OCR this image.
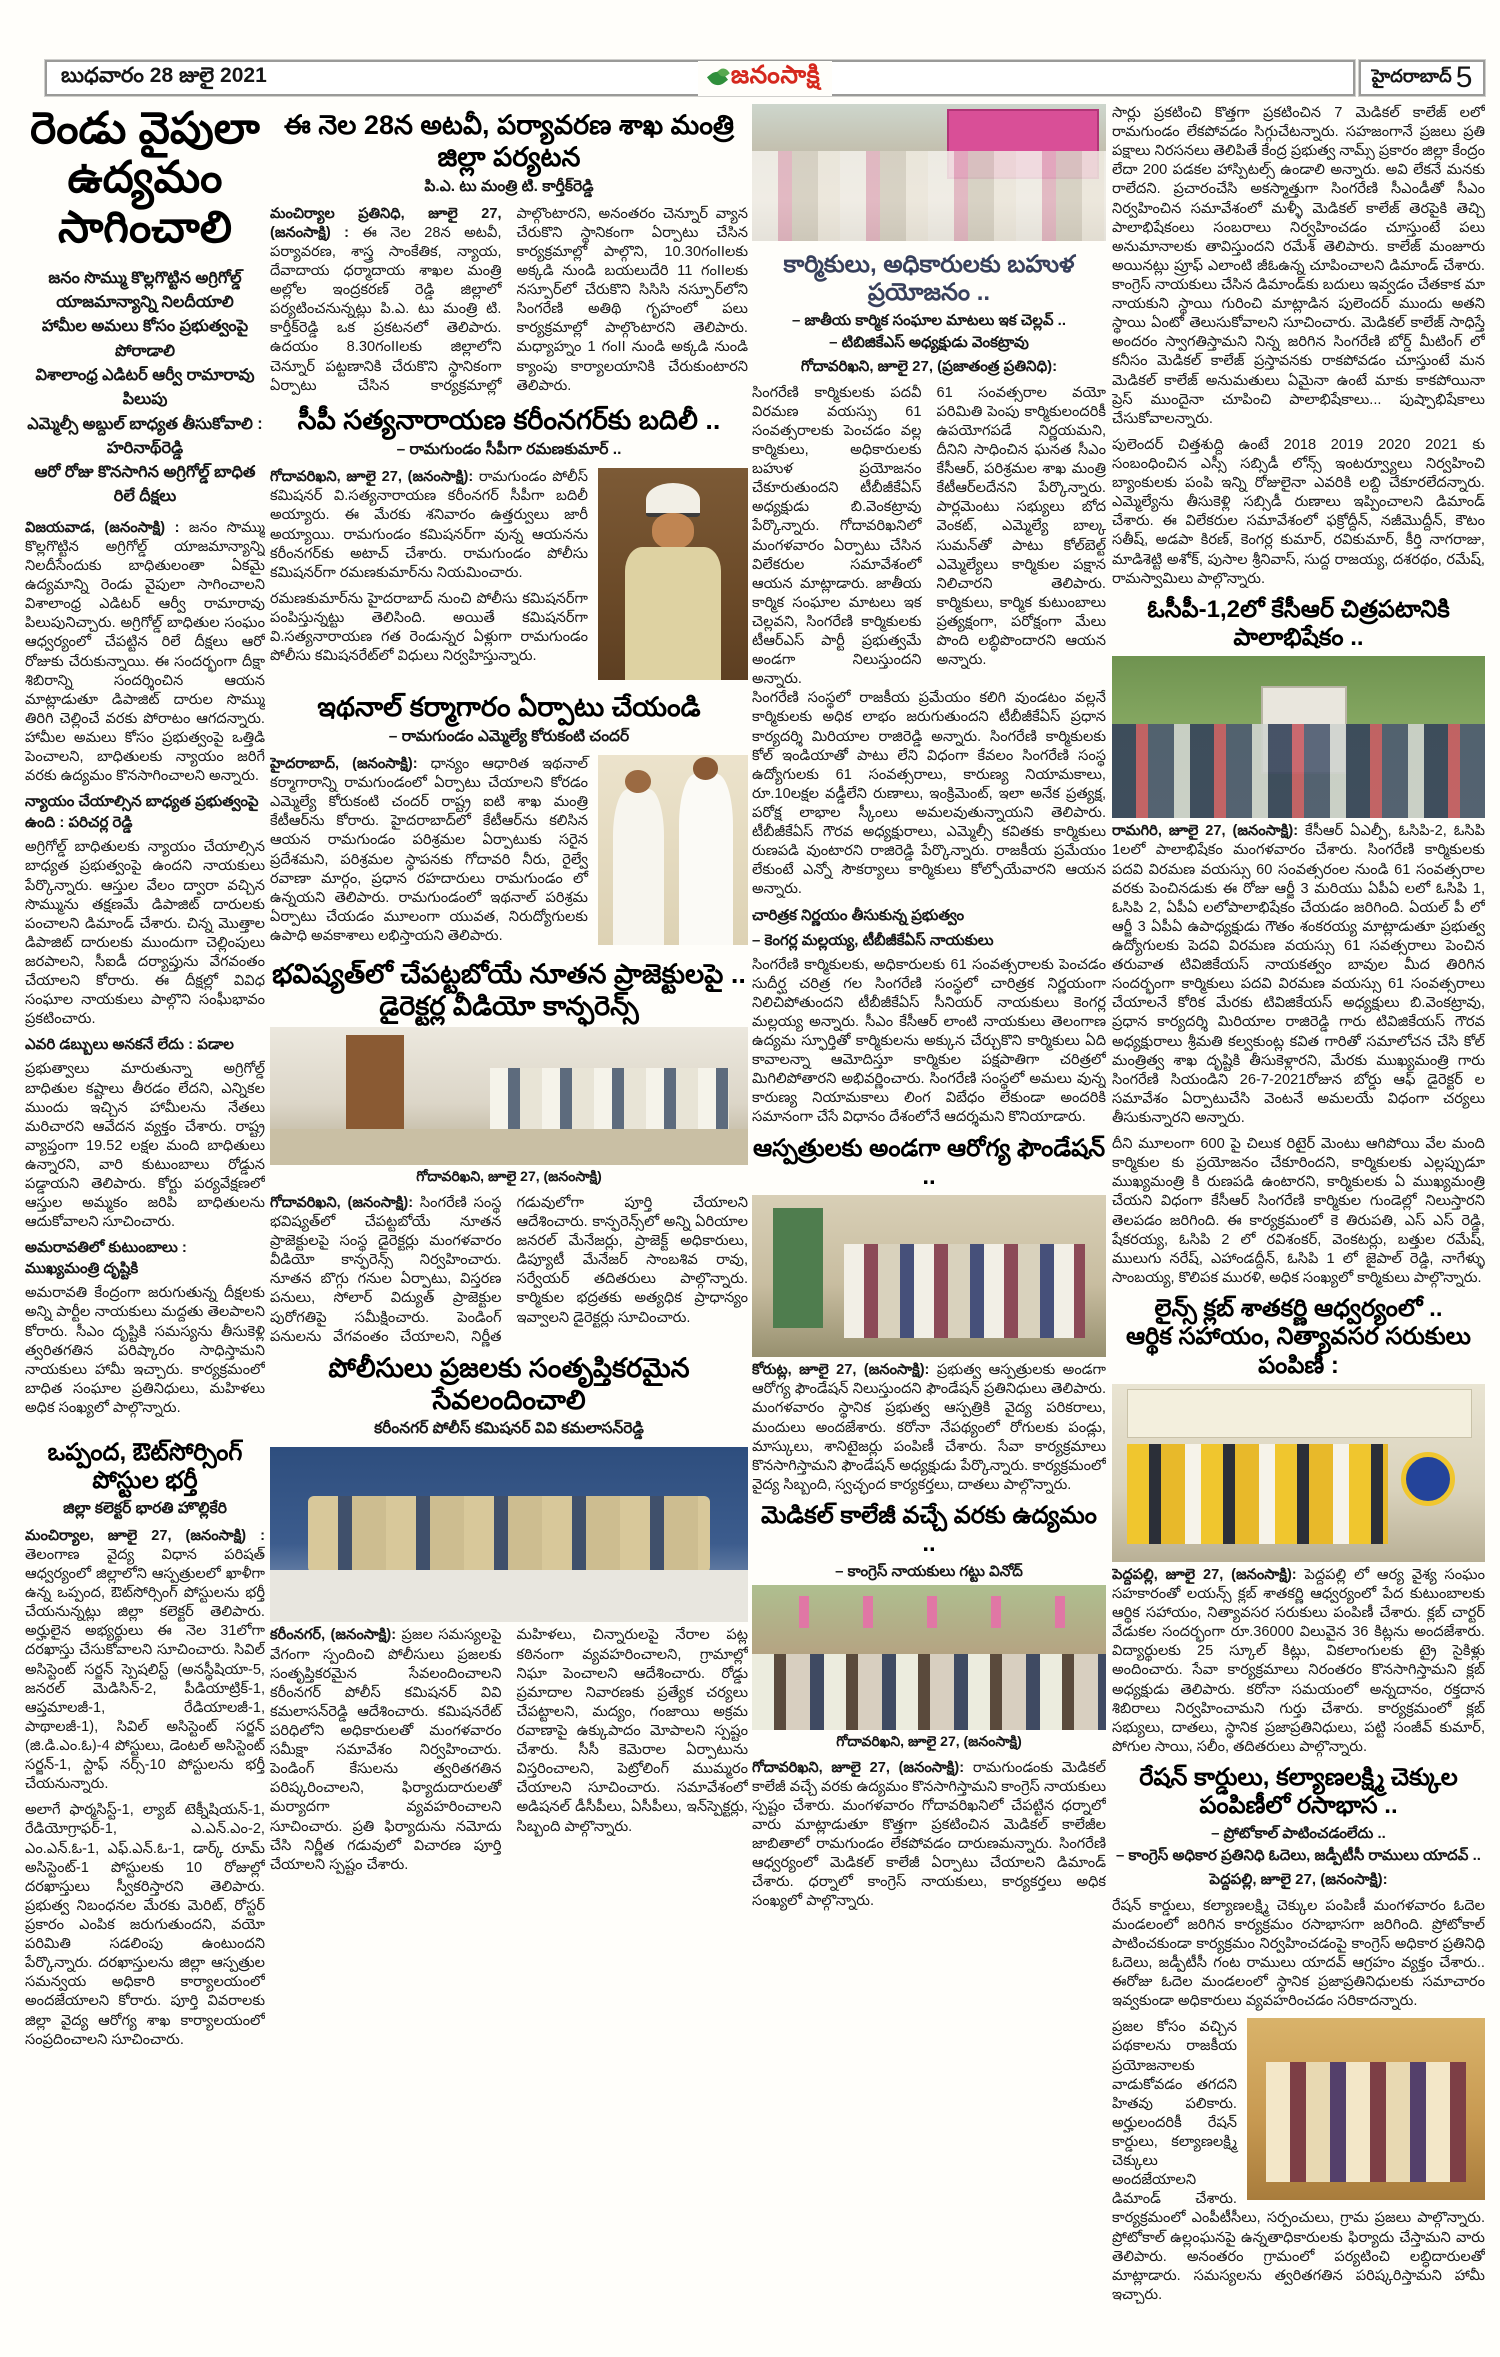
బుధవారం 28 జులై 2021	హైదరాబాద్ 5
జనంసాక్షి
రెండు వైపులా
ఉద్యమం సాగించాలి
జనం సొమ్ము కొల్లగొట్టిన అగ్రిగోల్డ్ యాజమాన్యాన్ని నిలదీయాలి
హామీల అమలు కోసం ప్రభుత్వంపై పోరాడాలి
విశాలాంధ్ర ఎడిటర్ ఆర్వీ రామారావు పిలుపు
ఎమ్మెల్సీ అబ్దుల్ బాధ్యత తీసుకోవాలి : హరినాథ్‌రెడ్డి
ఆరో రోజు కొనసాగిన అగ్రిగోల్డ్ బాధిత రిలే దీక్షలు

విజయవాడ, (జనంసాక్షి) : జనం సొమ్ము కొల్లగొట్టిన అగ్రిగోల్డ్ యాజమాన్యాన్ని నిలదీసేందుకు బాధితులంతా ఏకమై ఉద్యమాన్ని రెండు వైపులా సాగించాలని విశాలాంధ్ర ఎడిటర్ ఆర్వీ రామారావు పిలుపునిచ్చారు. అగ్రిగోల్డ్ బాధితుల సంఘం ఆధ్వర్యంలో చేపట్టిన రిలే దీక్షలు ఆరో రోజుకు చేరుకున్నాయి. ఈ సందర్భంగా దీక్షా శిబిరాన్ని సందర్శించిన ఆయన మాట్లాడుతూ డిపాజిట్ దారుల సొమ్ము తిరిగి చెల్లించే వరకు పోరాటం ఆగదన్నారు. హామీల అమలు కోసం ప్రభుత్వంపై ఒత్తిడి పెంచాలని, బాధితులకు న్యాయం జరిగే వరకు ఉద్యమం కొనసాగించాలని అన్నారు.

న్యాయం చేయాల్సిన బాధ్యత ప్రభుత్వంపై ఉంది : పరిచర్ల రెడ్డి

అగ్రిగోల్డ్ బాధితులకు న్యాయం చేయాల్సిన బాధ్యత ప్రభుత్వంపై ఉందని నాయకులు పేర్కొన్నారు. ఆస్తుల వేలం ద్వారా వచ్చిన సొమ్మును తక్షణమే డిపాజిట్ దారులకు పంచాలని డిమాండ్ చేశారు. చిన్న మొత్తాల డిపాజిట్ దారులకు ముందుగా చెల్లింపులు జరపాలని, సీఐడీ దర్యాప్తును వేగవంతం చేయాలని కోరారు. ఈ దీక్షల్లో వివిధ సంఘాల నాయకులు పాల్గొని సంఘీభావం ప్రకటించారు.

ఎవరి డబ్బులు అనకనే లేదు : పడాల

ప్రభుత్వాలు మారుతున్నా అగ్రిగోల్డ్ బాధితుల కష్టాలు తీరడం లేదని, ఎన్నికల ముందు ఇచ్చిన హామీలను నేతలు మరిచారని ఆవేదన వ్యక్తం చేశారు. రాష్ట్ర వ్యాప్తంగా 19.52 లక్షల మంది బాధితులు ఉన్నారని, వారి కుటుంబాలు రోడ్డున పడ్డాయని తెలిపారు. కోర్టు పర్యవేక్షణలో ఆస్తుల అమ్మకం జరిపి బాధితులను ఆదుకోవాలని సూచించారు.

అమరావతిలో కుటుంబాలు : ముఖ్యమంత్రి దృష్టికి

అమరావతి కేంద్రంగా జరుగుతున్న దీక్షలకు అన్ని పార్టీల నాయకులు మద్దతు తెలపాలని కోరారు. సీఎం దృష్టికి సమస్యను తీసుకెళ్లి త్వరితగతిన పరిష్కారం సాధిస్తామని నాయకులు హామీ ఇచ్చారు. కార్యక్రమంలో బాధిత సంఘాల ప్రతినిధులు, మహిళలు అధిక సంఖ్యలో పాల్గొన్నారు.

ఒప్పంద, ఔట్‌సోర్సింగ్ పోస్టుల భర్తీ
జిల్లా కలెక్టర్ భారతి హొల్లికేరి

మంచిర్యాల, జూలై 27, (జనంసాక్షి) : తెలంగాణ వైద్య విధాన పరిషత్ ఆధ్వర్యంలో జిల్లాలోని ఆస్పత్రులలో ఖాళీగా ఉన్న ఒప్పంద, ఔట్‌సోర్సింగ్ పోస్టులను భర్తీ చేయనున్నట్లు జిల్లా కలెక్టర్ తెలిపారు. అర్హులైన అభ్యర్థులు ఈ నెల 31లోగా దరఖాస్తు చేసుకోవాలని సూచించారు. సివిల్ అసిస్టెంట్ సర్జన్ స్పెషలిస్ట్ (అనస్థీషియా-5, జనరల్ మెడిసిన్-2, పీడియాట్రిక్-1, ఆప్తమాలజీ-1, రేడియాలజీ-1, పాథాలజీ-1), సివిల్ అసిస్టెంట్ సర్జన్ (జి.డి.ఎం.ఓ)-4 పోస్టులు, డెంటల్ అసిస్టెంట్ సర్జన్-1, స్టాఫ్ నర్స్-10 పోస్టులను భర్తీ చేయనున్నారు.

అలాగే ఫార్మసిస్ట్-1, ల్యాబ్ టెక్నీషియన్-1, రేడియోగ్రాఫర్-1, ఎ.ఎన్.ఎం-2, ఎం.ఎన్.ఓ-1, ఎఫ్.ఎన్.ఓ-1, డార్క్ రూమ్ అసిస్టెంట్-1 పోస్టులకు 10 రోజుల్లో దరఖాస్తులు స్వీకరిస్తారని తెలిపారు. ప్రభుత్వ నిబంధనల మేరకు మెరిట్, రోస్టర్ ప్రకారం ఎంపిక జరుగుతుందని, వయో పరిమితి సడలింపు ఉంటుందని పేర్కొన్నారు. దరఖాస్తులను జిల్లా ఆస్పత్రుల సమన్వయ అధికారి కార్యాలయంలో అందజేయాలని కోరారు. పూర్తి వివరాలకు జిల్లా వైద్య ఆరోగ్య శాఖ కార్యాలయంలో సంప్రదించాలని సూచించారు.

ఈ నెల 28న అటవీ, పర్యావరణ శాఖ మంత్రి జిల్లా పర్యటన
పి.ఎ. టు మంత్రి టి. కార్తీక్‌రెడ్డి

మంచిర్యాల ప్రతినిధి, జూలై 27, (జనంసాక్షి) : ఈ నెల 28న అటవీ, పర్యావరణ, శాస్త్ర సాంకేతిక, న్యాయ, దేవాదాయ ధర్మాదాయ శాఖల మంత్రి అల్లోల ఇంద్రకరణ్ రెడ్డి జిల్లాలో పర్యటించనున్నట్లు పి.ఎ. టు మంత్రి టి. కార్తీక్‌రెడ్డి ఒక ప్రకటనలో తెలిపారు. ఉదయం 8.30గంIIలకు జిల్లాలోని చెన్నూర్ పట్టణానికి చేరుకొని స్థానికంగా ఏర్పాటు చేసిన కార్యక్రమాల్లో పాల్గొంటారని, అనంతరం చెన్నూర్ వ్యాన చేరుకొని స్థానికంగా ఏర్పాటు చేసిన కార్యక్రమాల్లో పాల్గొని, 10.30గంIIలకు అక్కడి నుండి బయలుదేరి 11 గంIIలకు నస్పూర్‌లో చేరుకొని సిసిసి నస్పూర్‌లోని సింగరేణి అతిథి గృహంలో పలు కార్యక్రమాల్లో పాల్గొంటారని తెలిపారు. మధ్యాహ్నం 1 గంII నుండి అక్కడి నుండి క్యాంపు కార్యాలయానికి చేరుకుంటారని తెలిపారు.

సీపీ సత్యనారాయణ కరీంనగర్‌కు బదిలీ ..
– రామగుండం సీపీగా రమణకుమార్ ..

గోదావరిఖని, జూలై 27, (జనంసాక్షి): రామగుండం పోలీస్ కమిషనర్ వి.సత్యనారాయణ కరీంనగర్ సీపీగా బదిలీ అయ్యారు. ఈ మేరకు శనివారం ఉత్తర్వులు జారీ అయ్యాయి. రామగుండం కమిషనర్‌గా వున్న ఆయనను కరీంనగర్‌కు అటాచ్ చేశారు. రామగుండం పోలీసు కమిషనర్‌గా రమణకుమార్‌ను నియమించారు.

రమణకుమార్‌ను హైదరాబాద్ నుంచి పోలీసు కమిషనర్‌గా పంపిస్తున్నట్టు తెలిసింది. అయితే కమిషనర్‌గా వి.సత్యనారాయణ గత రెండున్నర ఏళ్లుగా రామగుండం పోలీసు కమిషనరేట్‌లో విధులు నిర్వహిస్తున్నారు.

ఇథనాల్ కర్మాగారం ఏర్పాటు చేయండి
– రామగుండం ఎమ్మెల్యే కోరుకంటి చందర్

హైదరాబాద్, (జనంసాక్షి): ధాన్యం ఆధారిత ఇథనాల్ కర్మాగారాన్ని రామగుండంలో ఏర్పాటు చేయాలని కోరడం ఎమ్మెల్యే కోరుకంటి చందర్ రాష్ట్ర ఐటి శాఖ మంత్రి కేటీఆర్‌ను కోరారు. హైదరాబాద్‌లో కేటీఆర్‌ను కలిసిన ఆయన రామగుండం పరిశ్రమల ఏర్పాటుకు సరైన ప్రదేశమని, పరిశ్రమల స్థాపనకు గోదావరి నీరు, రైల్వే రవాణా మార్గం, ప్రధాన రహదారులు రామగుండం లో ఉన్నయని తెలిపారు. రామగుండంలో ఇథనాల్ పరిశ్రమ ఏర్పాటు చేయడం మూలంగా యువత, నిరుద్యోగులకు ఉపాధి అవకాశాలు లభిస్తాయని తెలిపారు.

భవిష్యత్‌లో చేపట్టబోయే నూతన ప్రాజెక్టులపై ..
డైరెక్టర్ల వీడియో కాన్ఫరెన్స్
గోదావరిఖని, జూలై 27, (జనంసాక్షి)

గోదావరిఖని, (జనంసాక్షి): సింగరేణి సంస్థ భవిష్యత్‌లో చేపట్టబోయే నూతన ప్రాజెక్టులపై సంస్థ డైరెక్టర్లు మంగళవారం వీడియో కాన్ఫరెన్స్ నిర్వహించారు. నూతన బొగ్గు గనుల ఏర్పాటు, విస్తరణ పనులు, సోలార్ విద్యుత్ ప్రాజెక్టుల పురోగతిపై సమీక్షించారు. పెండింగ్ పనులను వేగవంతం చేయాలని, నిర్ణీత గడువులోగా పూర్తి చేయాలని ఆదేశించారు. కాన్ఫరెన్స్‌లో అన్ని ఏరియాల జనరల్ మేనేజర్లు, ప్రాజెక్ట్ అధికారులు, డిప్యూటీ మేనేజర్ సాంబశివ రావు, సర్వేయర్ తదితరులు పాల్గొన్నారు. కార్మికుల భద్రతకు అత్యధిక ప్రాధాన్యం ఇవ్వాలని డైరెక్టర్లు సూచించారు.

పోలీసులు ప్రజలకు సంతృప్తికరమైన సేవలందించాలి
కరీంనగర్ పోలీస్ కమిషనర్ వివి కమలాసన్‌రెడ్డి

కరీంనగర్, (జనంసాక్షి): ప్రజల సమస్యలపై వేగంగా స్పందించి పోలీసులు ప్రజలకు సంతృప్తికరమైన సేవలందించాలని కరీంనగర్ పోలీస్ కమిషనర్ వివి కమలాసన్‌రెడ్డి ఆదేశించారు. కమిషనరేట్ పరిధిలోని అధికారులతో మంగళవారం సమీక్షా సమావేశం నిర్వహించారు. పెండింగ్ కేసులను త్వరితగతిన పరిష్కరించాలని, ఫిర్యాదుదారులతో మర్యాదగా వ్యవహరించాలని సూచించారు. ప్రతి ఫిర్యాదును నమోదు చేసి నిర్ణీత గడువులో విచారణ పూర్తి చేయాలని స్పష్టం చేశారు.

మహిళలు, చిన్నారులపై నేరాల పట్ల కఠినంగా వ్యవహరించాలని, గ్రామాల్లో నిఘా పెంచాలని ఆదేశించారు. రోడ్డు ప్రమాదాల నివారణకు ప్రత్యేక చర్యలు చేపట్టాలని, మద్యం, గంజాయి అక్రమ రవాణాపై ఉక్కుపాదం మోపాలని స్పష్టం చేశారు. సీసీ కెమెరాల ఏర్పాటును విస్తరించాలని, పెట్రోలింగ్ ముమ్మరం చేయాలని సూచించారు. సమావేశంలో అడిషనల్ డీసీపీలు, ఏసీపీలు, ఇన్‌స్పెక్టర్లు, సిబ్బంది పాల్గొన్నారు.

కార్మికులు, అధికారులకు బహుళ ప్రయోజనం ..
– జాతీయ కార్మిక సంఘాల మాటలు ఇక చెల్లవ్ ..
– టిబిజికేఎస్ అధ్యక్షుడు వెంకట్రావు
గోదావరిఖని, జూలై 27, (ప్రజాతంత్ర ప్రతినిధి):

సింగరేణి కార్మికులకు పదవీ విరమణ వయస్సు 61 సంవత్సరాలకు పెంచడం వల్ల కార్మికులు, అధికారులకు బహుళ ప్రయోజనం చేకూరుతుందని టీబీజీకేఏస్ అధ్యక్షుడు బి.వెంకట్రావు పేర్కొన్నారు. గోదావరిఖనిలో మంగళవారం ఏర్పాటు చేసిన విలేకరుల సమావేశంలో ఆయన మాట్లాడారు. జాతీయ కార్మిక సంఘాల మాటలు ఇక చెల్లవని, సింగరేణి కార్మికులకు టీఆర్ఎస్ పార్టీ ప్రభుత్వమే అండగా నిలుస్తుందని అన్నారు.

61 సంవత్సరాల వయో పరిమితి పెంపు కార్మికులందరికీ ఉపయోగపడే నిర్ణయమని, దీనిని సాధించిన ఘనత సీఎం కేసీఆర్, పరిశ్రమల శాఖ మంత్రి కేటీఆర్‌లదేనని పేర్కొన్నారు. పార్లమెంటు సభ్యులు బోద వెంకట్, ఎమ్మెల్యే బాల్క సుమన్‌తో పాటు కోల్‌బెల్ట్ ఎమ్మెల్యేలు కార్మికుల పక్షాన నిలిచారని తెలిపారు. కార్మికులు, కార్మిక కుటుంబాలు ప్రత్యక్షంగా, పరోక్షంగా మేలు పొంది లబ్ధిపొందారని ఆయన అన్నారు.

సింగరేణి సంస్థలో రాజకీయ ప్రమేయం కలిగి వుండటం వల్లనే కార్మికులకు అధిక లాభం జరుగుతుందని టీబీజీకేఏస్ ప్రధాన కార్యదర్శి మిరియాల రాజిరెడ్డి అన్నారు. సింగరేణి కార్మికులకు కోల్ ఇండియాతో పాటు లేని విధంగా కేవలం సింగరేణి సంస్థ ఉద్యోగులకు 61 సంవత్సరాలు, కారుణ్య నియామకాలు, రూ.10లక్షల వడ్డీలేని రుణాలు, ఇంక్రిమెంట్, ఇలా అనేక ప్రత్యక్ష, పరోక్ష లాభాల స్కీంలు అమలవుతున్నాయని తెలిపారు. టీబీజీకేఏస్ గౌరవ అధ్యక్షురాలు, ఎమ్మెల్సీ కవితకు కార్మికులు రుణపడి వుంటారని రాజిరెడ్డి పేర్కొన్నారు. రాజకీయ ప్రమేయం లేకుంటే ఎన్నో సౌకర్యాలు కార్మికులు కోల్పోయేవారని ఆయన అన్నారు.

చారిత్రక నిర్ణయం తీసుకున్న ప్రభుత్వం
– కెంగర్ల మల్లయ్య, టీబీజీకేఏస్ నాయకులు

సింగరేణి కార్మికులకు, అధికారులకు 61 సంవత్సరాలకు పెంచడం సుదీర్ఘ చరిత్ర గల సింగరేణి సంస్థలో చారిత్రక నిర్ణయంగా నిలిచిపోతుందని టీబీజీకేఏస్ సీనియర్ నాయకులు కెంగర్ల మల్లయ్య అన్నారు. సీఎం కేసీఆర్ లాంటి నాయకులు తెలంగాణ ఉద్యమ స్ఫూర్తితో కార్మికులను అక్కున చేర్చుకొని కార్మికులు ఏది కావాలన్నా ఆమోదిస్తూ కార్మికుల పక్షపాతిగా చరిత్రలో మిగిలిపోతారని అభివర్ణించారు. సింగరేణి సంస్థలో అమలు వున్న కారుణ్య నియామకాలు లింగ విబేధం లేకుండా అందరికి సమానంగా చేసే విధానం దేశంలోనే ఆదర్శమని కొనియాడారు.

ఆస్పత్రులకు అండగా ఆరోగ్య ఫౌండేషన్ ..

కోరుట్ల, జూలై 27, (జనంసాక్షి): ప్రభుత్వ ఆస్పత్రులకు అండగా ఆరోగ్య ఫౌండేషన్ నిలుస్తుందని ఫౌండేషన్ ప్రతినిధులు తెలిపారు. మంగళవారం స్థానిక ప్రభుత్వ ఆస్పత్రికి వైద్య పరికరాలు, మందులు అందజేశారు. కరోనా నేపథ్యంలో రోగులకు పండ్లు, మాస్కులు, శానిటైజర్లు పంపిణీ చేశారు. సేవా కార్యక్రమాలు కొనసాగిస్తామని ఫౌండేషన్ అధ్యక్షుడు పేర్కొన్నారు. కార్యక్రమంలో వైద్య సిబ్బంది, స్వచ్ఛంద కార్యకర్తలు, దాతలు పాల్గొన్నారు.

మెడికల్ కాలేజీ వచ్చే వరకు ఉద్యమం ..
– కాంగ్రెస్ నాయకులు గట్టు వినోద్
గోదావరిఖని, జూలై 27, (జనంసాక్షి)

గోదావరిఖని, జూలై 27, (జనంసాక్షి): రామగుండంకు మెడికల్ కాలేజీ వచ్చే వరకు ఉద్యమం కొనసాగిస్తామని కాంగ్రెస్ నాయకులు స్పష్టం చేశారు. మంగళవారం గోదావరిఖనిలో చేపట్టిన ధర్నాలో వారు మాట్లాడుతూ కొత్తగా ప్రకటించిన మెడికల్ కాలేజీల జాబితాలో రామగుండం లేకపోవడం దారుణమన్నారు. సింగరేణి ఆధ్వర్యంలో మెడికల్ కాలేజీ ఏర్పాటు చేయాలని డిమాండ్ చేశారు. ధర్నాలో కాంగ్రెస్ నాయకులు, కార్యకర్తలు అధిక సంఖ్యలో పాల్గొన్నారు.

సార్లు ప్రకటించి కొత్తగా ప్రకటించిన 7 మెడికల్ కాలేజ్ లలో రామగుండం లేకపోవడం సిగ్గుచేటన్నారు. సహజంగానే ప్రజలు ప్రతి పక్షాలు నిరసనలు తెలిపితే కేంద్ర ప్రభుత్వ నామ్స్ ప్రకారం జిల్లా కేంద్రం లేదా 200 పడకల హాస్పిటల్స్ ఉండాలి అన్నారు. అవి లేకనే మనకు రాలేదని. ప్రచారంచేసి అకస్మాత్తుగా సింగరేణి సీఎండీతో సీఎం నిర్వహించిన సమావేశంలో మళ్ళీ మెడికల్ కాలేజ్ తెరపైకి తెచ్చి పాలాభిషేకంలు సంబరాలు నిర్వహించడం చూస్తుంటే పలు అనుమానాలకు తావిస్తుందని రమేశ్ తెలిపారు. కాలేజ్ మంజూరు అయినట్లు ప్రూఫ్ ఎలాంటి జీఓఉన్న చూపించాలని డిమాండ్ చేశారు. కాంగ్రెస్ నాయకులు చేసిన డిమాండ్‌కు బదులు ఇవ్వడం చేతకాక మా నాయకుని స్థాయి గురించి మాట్లాడిన పులెందర్ ముందు అతని స్థాయి ఏంటో తెలుసుకోవాలని సూచించారు. మెడికల్ కాలేజ్ సాధిస్తే అందరం స్వాగతిస్తామని నిన్న జరిగిన సింగరేణి బోర్డ్ మీటింగ్ లో కనీసం మెడికల్ కాలేజ్ ప్రస్తావనకు రాకపోవడం చూస్తుంటే మన మెడికల్ కాలేజ్ అనుమతులు ఏమైనా ఉంటే మాకు కాకపోయినా ప్రెస్ ముందైనా చూపించి పాలాభిషేకాలు... పుష్పాభిషేకాలు చేసుకోవాలన్నారు.

పులెందర్ చిత్తశుద్ది ఉంటే 2018 2019 2020 2021 కు సంబంధించిన ఎస్సీ సబ్సిడీ లోన్స్ ఇంటర్వ్యూలు నిర్వహించి బ్యాంకులకు పంపి ఇన్ని రోజులైనా ఎవరికి లబ్ది చేకూరలేదన్నారు. ఎమ్మెల్యేను తీసుకెళ్లి సబ్సిడీ రుణాలు ఇప్పించాలని డిమాండ్ చేశారు. ఈ విలేకరుల సమావేశంలో ఫక్రోద్దీన్, నజీమొద్దీన్, కౌటం సతీష్, అడపా కిరణ్, కెంగర్ల కుమార్, రవికుమార్, కీర్తి నాగరాజు, మాడిశెట్టి అశోక్, పుసాల శ్రీనివాస్, సుద్ద రాజయ్య, దశరథం, రమేష్, రామస్వామిలు పాల్గొన్నారు.

ఓసీపీ-1,2లో కేసీఆర్ చిత్రపటానికి పాలాభిషేకం ..

రామగిరి, జూలై 27, (జనంసాక్షి): కేసీఆర్ ఏఎల్పీ, ఓసిపి-2, ఓసిపి 1లలో పాలాభిషేకం మంగళవారం చేశారు. సింగరేణి కార్మికులకు పదవి విరమణ వయస్సు 60 సంవత్సరంల నుండి 61 సంవత్సరాల వరకు పెంచినడుకు ఈ రోజు ఆర్జీ 3 మరియు ఏపీఏ లలో ఓసిపి 1, ఓసిపి 2, ఏపీఏ లలోపాలాభిషేకం చేయడం జరిగింది. ఏయల్ పీ లో ఆర్జీ 3 ఏపీఏ ఉపాధ్యక్షుడు గౌతం శంకరయ్య మాట్లాడుతూ ప్రభుత్వ ఉద్యోగులకు పెదవి విరమణ వయస్సు 61 సవత్సరాలు పెంచిన తరువాత టివిజికేయస్ నాయకత్వం బావుల మీద తిరిగిన సందర్భంగా కార్మికులు పదవి విరమణ వయస్సు 61 సంవత్సరాలు చేయాలనే కోరిక మేరకు టివిజికేయస్ అధ్యక్షులు బి.వెంకట్రావు, ప్రధాన కార్యదర్శి మిరియాల రాజిరెడ్డి గారు టివిజికేయస్ గౌరవ అధ్యక్షురాలు శ్రీమతి కల్వకుంట్ల కవిత గారితో సమాలోచన చేసి కోల్ మంత్రిత్వ శాఖ దృష్టికి తీసుకెళ్లారని, మేరకు ముఖ్యమంత్రి గారు సింగరేణి సియండిని 26-7-2021రోజున బోర్డు ఆఫ్ డైరెక్టర్ ల సమావేశం ఏర్పాటుచేసి వెంటనే అమలయే విధంగా చర్యలు తీసుకున్నారని అన్నారు.

దీని మూలంగా 600 పై చిలుక రిటైర్ మెంటు ఆగిపోయి వేల మంది కార్మికుల కు ప్రయోజనం చేకూరిందని, కార్మికులకు ఎల్లప్పుడూ ముఖ్యమంత్రి కి రుణపడి ఉంటారని, కార్మికులకు ఏ ముఖ్యమంత్రి చేయని విధంగా కేసీఆర్ సింగరేణి కార్మికుల గుండెల్లో నిలుస్తారని తెలపడం జరిగింది. ఈ కార్యక్రమంలో కె తిరుపతి, ఎస్ ఎస్ రెడ్డి, షేకరయ్య, ఓసిపి 2 లో రవిశంకర్, వెంకటర్లు, బత్తుల రమేష్, ములుగు నరేష్, ఎహాండద్దీన్, ఓసిపి 1 లో జైపాల్ రెడ్డి, నాగేళ్ళు సాంబయ్య, కొలిపక మురళి, అధిక సంఖ్యలో కార్మికులు పాల్గొన్నారు.

లైన్స్ క్లబ్ శాతకర్ణి ఆధ్వర్యంలో ..
ఆర్థిక సహాయం, నిత్యావసర సరుకులు పంపిణీ :

పెద్దపల్లి, జూలై 27, (జనంసాక్షి): పెద్దపల్లి లో ఆర్య వైశ్య సంఘం సహకారంతో లయన్స్ క్లబ్ శాతకర్ణి ఆధ్వర్యంలో పేద కుటుంబాలకు ఆర్థిక సహాయం, నిత్యావసర సరుకులు పంపిణీ చేశారు. క్లబ్ చార్టర్ వేడుకల సందర్భంగా రూ.36000 విలువైన 36 కిట్లను అందజేశారు. విద్యార్థులకు 25 స్కూల్ కిట్లు, వికలాంగులకు ట్రై సైకిళ్లు అందించారు. సేవా కార్యక్రమాలు నిరంతరం కొనసాగిస్తామని క్లబ్ అధ్యక్షుడు తెలిపారు. కరోనా సమయంలో అన్నదానం, రక్తదాన శిబిరాలు నిర్వహించామని గుర్తు చేశారు. కార్యక్రమంలో క్లబ్ సభ్యులు, దాతలు, స్థానిక ప్రజాప్రతినిధులు, పట్టి సంజీవ్ కుమార్, పోగుల సాయి, సలీం, తదితరులు పాల్గొన్నారు.

రేషన్ కార్డులు, కల్యాణలక్ష్మి చెక్కుల పంపిణీలో రసాభాస ..
– ప్రోటోకాల్ పాటించడంలేదు ..
– కాంగ్రెస్ అధికార ప్రతినిధి ఓదెలు, జడ్పీటీసీ రాములు యాదవ్ ..
పెద్దపల్లి, జూలై 27, (జనంసాక్షి):

రేషన్ కార్డులు, కల్యాణలక్ష్మి చెక్కుల పంపిణీ మంగళవారం ఓదెల మండలంలో జరిగిన కార్యక్రమం రసాభాసగా జరిగింది. ప్రోటోకాల్ పాటించకుండా కార్యక్రమం నిర్వహించడంపై కాంగ్రెస్ అధికార ప్రతినిధి ఓదెలు, జడ్పీటీసీ గంట రాములు యాదవ్ ఆగ్రహం వ్యక్తం చేశారు.. ఈరోజు ఓదెల మండలంలో స్థానిక ప్రజాప్రతినిధులకు సమాచారం ఇవ్వకుండా అధికారులు వ్యవహరించడం సరికాదన్నారు.

ప్రజల కోసం వచ్చిన పథకాలను రాజకీయ ప్రయోజనాలకు వాడుకోవడం తగదని హితవు పలికారు. అర్హులందరికీ రేషన్ కార్డులు, కల్యాణలక్ష్మి చెక్కులు అందజేయాలని డిమాండ్ చేశారు. కార్యక్రమంలో ఎంపీటీసీలు, సర్పంచులు, గ్రామ ప్రజలు పాల్గొన్నారు. ప్రోటోకాల్ ఉల్లంఘనపై ఉన్నతాధికారులకు ఫిర్యాదు చేస్తామని వారు తెలిపారు. అనంతరం గ్రామంలో పర్యటించి లబ్ధిదారులతో మాట్లాడారు. సమస్యలను త్వరితగతిన పరిష్కరిస్తామని హామీ ఇచ్చారు.
